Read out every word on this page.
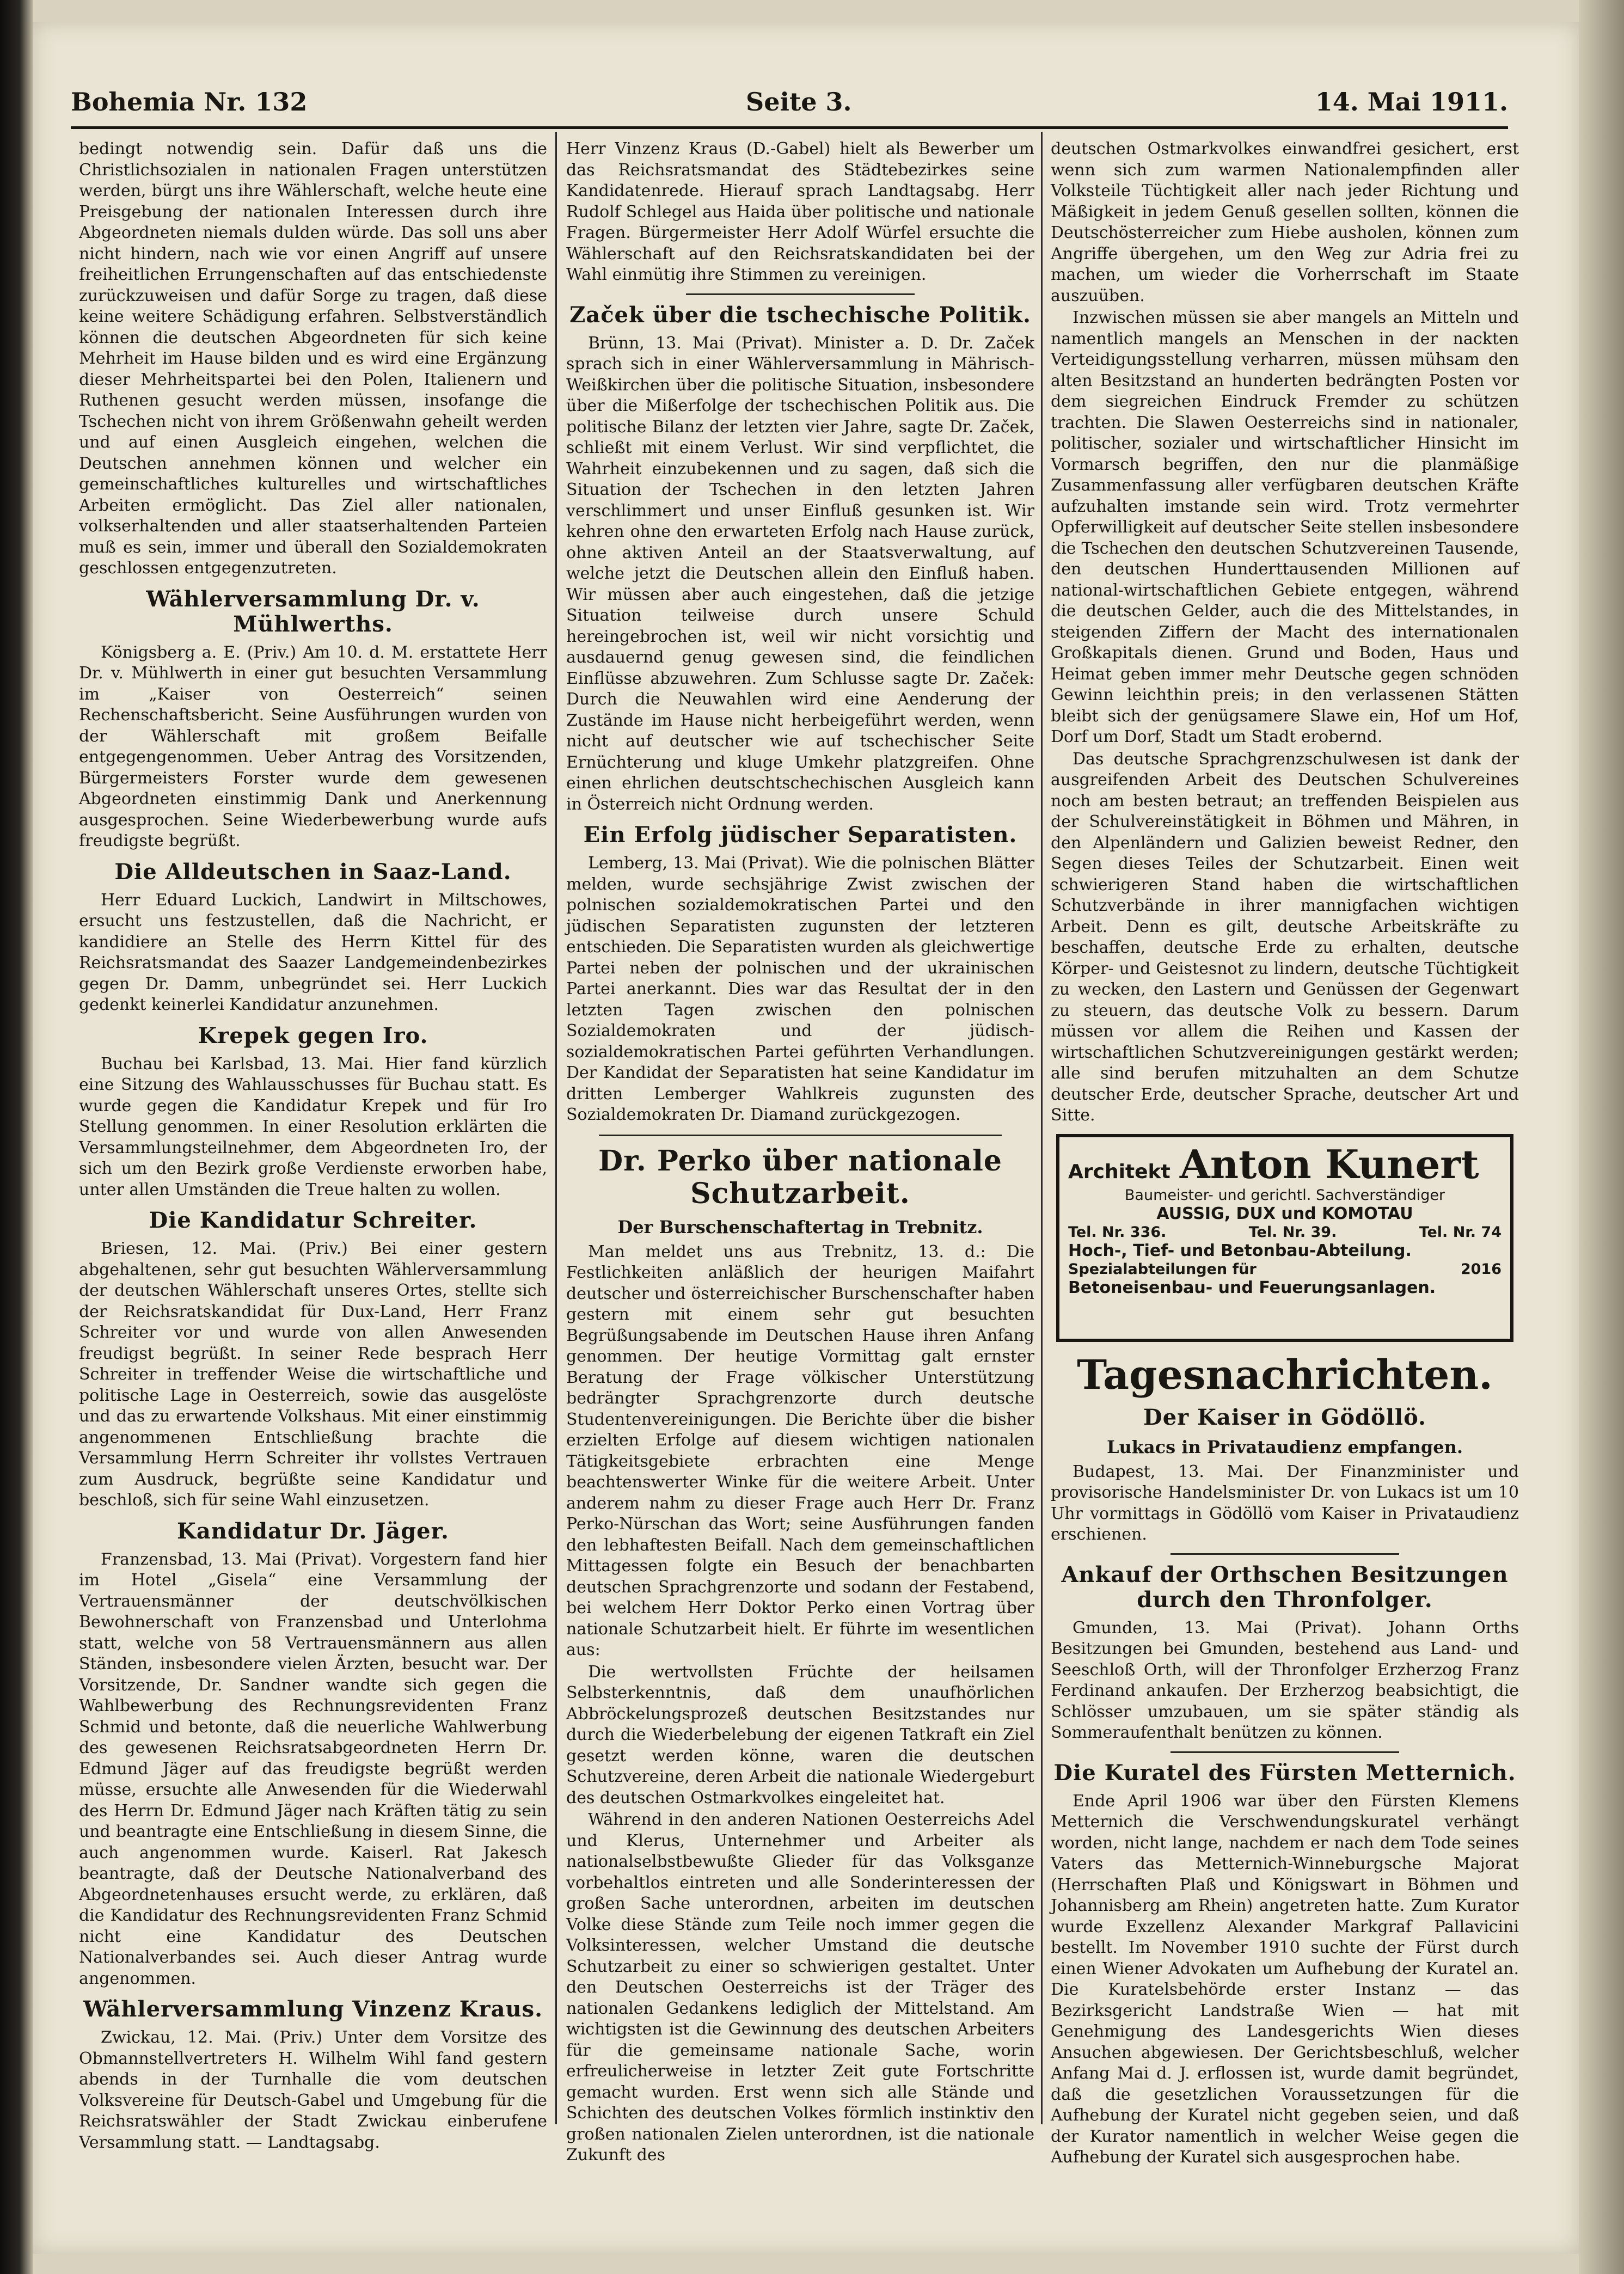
Bohemia Nr. 132	Seite 3.	14. Mai 1911.

bedingt notwendig sein. Dafür daß uns die Christlichsozialen in nationalen Fragen unterstützen werden, bürgt uns ihre Wählerschaft, welche heute eine Preisgebung der nationalen Interessen durch ihre Abgeordneten niemals dulden würde. Das soll uns aber nicht hindern, nach wie vor einen Angriff auf unsere freiheitlichen Errungenschaften auf das entschiedenste zurückzuweisen und dafür Sorge zu tragen, daß diese keine weitere Schädigung erfahren. Selbstverständlich können die deutschen Abgeordneten für sich keine Mehrheit im Hause bilden und es wird eine Ergänzung dieser Mehrheitspartei bei den Polen, Italienern und Ruthenen gesucht werden müssen, insofange die Tschechen nicht von ihrem Größenwahn geheilt werden und auf einen Ausgleich eingehen, welchen die Deutschen annehmen können und welcher ein gemeinschaftliches kulturelles und wirtschaftliches Arbeiten ermöglicht. Das Ziel aller nationalen, volkserhaltenden und aller staatserhaltenden Parteien muß es sein, immer und überall den Sozialdemokraten geschlossen entgegenzutreten.

Wählerversammlung Dr. v. Mühlwerths.

Königsberg a. E. (Priv.) Am 10. d. M. erstattete Herr Dr. v. Mühlwerth in einer gut besuchten Versammlung im „Kaiser von Oesterreich“ seinen Rechenschaftsbericht. Seine Ausführungen wurden von der Wählerschaft mit großem Beifalle entgegengenommen. Ueber Antrag des Vorsitzenden, Bürgermeisters Forster wurde dem gewesenen Abgeordneten einstimmig Dank und Anerkennung ausgesprochen. Seine Wiederbewerbung wurde aufs freudigste begrüßt.

Die Alldeutschen in Saaz-Land.

Herr Eduard Luckich, Landwirt in Miltschowes, ersucht uns festzustellen, daß die Nachricht, er kandidiere an Stelle des Herrn Kittel für des Reichsratsmandat des Saazer Landgemeindenbezirkes gegen Dr. Damm, unbegründet sei. Herr Luckich gedenkt keinerlei Kandidatur anzunehmen.

Krepek gegen Iro.

Buchau bei Karlsbad, 13. Mai. Hier fand kürzlich eine Sitzung des Wahlausschusses für Buchau statt. Es wurde gegen die Kandidatur Krepek und für Iro Stellung genommen. In einer Resolution erklärten die Versammlungsteilnehmer, dem Abgeordneten Iro, der sich um den Bezirk große Verdienste erworben habe, unter allen Umständen die Treue halten zu wollen.

Die Kandidatur Schreiter.

Briesen, 12. Mai. (Priv.) Bei einer gestern abgehaltenen, sehr gut besuchten Wählerversammlung der deutschen Wählerschaft unseres Ortes, stellte sich der Reichsratskandidat für Dux-Land, Herr Franz Schreiter vor und wurde von allen Anwesenden freudigst begrüßt. In seiner Rede besprach Herr Schreiter in treffender Weise die wirtschaftliche und politische Lage in Oesterreich, sowie das ausgelöste und das zu erwartende Volkshaus. Mit einer einstimmig angenommenen Entschließung brachte die Versammlung Herrn Schreiter ihr vollstes Vertrauen zum Ausdruck, begrüßte seine Kandidatur und beschloß, sich für seine Wahl einzusetzen.

Kandidatur Dr. Jäger.

Franzensbad, 13. Mai (Privat). Vorgestern fand hier im Hotel „Gisela“ eine Versammlung der Vertrauensmänner der deutschvölkischen Bewohnerschaft von Franzensbad und Unterlohma statt, welche von 58 Vertrauensmännern aus allen Ständen, insbesondere vielen Ärzten, besucht war. Der Vorsitzende, Dr. Sandner wandte sich gegen die Wahlbewerbung des Rechnungsrevidenten Franz Schmid und betonte, daß die neuerliche Wahlwerbung des gewesenen Reichsratsabgeordneten Herrn Dr. Edmund Jäger auf das freudigste begrüßt werden müsse, ersuchte alle Anwesenden für die Wiederwahl des Herrn Dr. Edmund Jäger nach Kräften tätig zu sein und beantragte eine Entschließung in diesem Sinne, die auch angenommen wurde. Kaiserl. Rat Jakesch beantragte, daß der Deutsche Nationalverband des Abgeordnetenhauses ersucht werde, zu erklären, daß die Kandidatur des Rechnungsrevidenten Franz Schmid nicht eine Kandidatur des Deutschen Nationalverbandes sei. Auch dieser Antrag wurde angenommen.

Wählerversammlung Vinzenz Kraus.

Zwickau, 12. Mai. (Priv.) Unter dem Vorsitze des Obmannstellvertreters H. Wilhelm Wihl fand gestern abends in der Turnhalle die vom deutschen Volksvereine für Deutsch-Gabel und Umgebung für die Reichsratswähler der Stadt Zwickau einberufene Versammlung statt. — Landtagsabg.

Herr Vinzenz Kraus (D.-Gabel) hielt als Bewerber um das Reichsratsmandat des Städtebezirkes seine Kandidatenrede. Hierauf sprach Landtagsabg. Herr Rudolf Schlegel aus Haida über politische und nationale Fragen. Bürgermeister Herr Adolf Würfel ersuchte die Wählerschaft auf den Reichsratskandidaten bei der Wahl einmütig ihre Stimmen zu vereinigen.

Začek über die tschechische Politik.

Brünn, 13. Mai (Privat). Minister a. D. Dr. Začek sprach sich in einer Wählerversammlung in Mährisch-Weißkirchen über die politische Situation, insbesondere über die Mißerfolge der tschechischen Politik aus. Die politische Bilanz der letzten vier Jahre, sagte Dr. Začek, schließt mit einem Verlust. Wir sind verpflichtet, die Wahrheit einzubekennen und zu sagen, daß sich die Situation der Tschechen in den letzten Jahren verschlimmert und unser Einfluß gesunken ist. Wir kehren ohne den erwarteten Erfolg nach Hause zurück, ohne aktiven Anteil an der Staatsverwaltung, auf welche jetzt die Deutschen allein den Einfluß haben. Wir müssen aber auch eingestehen, daß die jetzige Situation teilweise durch unsere Schuld hereingebrochen ist, weil wir nicht vorsichtig und ausdauernd genug gewesen sind, die feindlichen Einflüsse abzuwehren. Zum Schlusse sagte Dr. Začek: Durch die Neuwahlen wird eine Aenderung der Zustände im Hause nicht herbeigeführt werden, wenn nicht auf deutscher wie auf tschechischer Seite Ernüchterung und kluge Umkehr platzgreifen. Ohne einen ehrlichen deutschtschechischen Ausgleich kann in Österreich nicht Ordnung werden.

Ein Erfolg jüdischer Separatisten.

Lemberg, 13. Mai (Privat). Wie die polnischen Blätter melden, wurde sechsjährige Zwist zwischen der polnischen sozialdemokratischen Partei und den jüdischen Separatisten zugunsten der letzteren entschieden. Die Separatisten wurden als gleichwertige Partei neben der polnischen und der ukrainischen Partei anerkannt. Dies war das Resultat der in den letzten Tagen zwischen den polnischen Sozialdemokraten und der jüdisch-sozialdemokratischen Partei geführten Verhandlungen. Der Kandidat der Separatisten hat seine Kandidatur im dritten Lemberger Wahlkreis zugunsten des Sozialdemokraten Dr. Diamand zurückgezogen.

Dr. Perko über nationale Schutzarbeit.
Der Burschenschaftertag in Trebnitz.

Man meldet uns aus Trebnitz, 13. d.: Die Festlichkeiten anläßlich der heurigen Maifahrt deutscher und österreichischer Burschenschafter haben gestern mit einem sehr gut besuchten Begrüßungsabende im Deutschen Hause ihren Anfang genommen. Der heutige Vormittag galt ernster Beratung der Frage völkischer Unterstützung bedrängter Sprachgrenzorte durch deutsche Studentenvereinigungen. Die Berichte über die bisher erzielten Erfolge auf diesem wichtigen nationalen Tätigkeitsgebiete erbrachten eine Menge beachtenswerter Winke für die weitere Arbeit. Unter anderem nahm zu dieser Frage auch Herr Dr. Franz Perko-Nürschan das Wort; seine Ausführungen fanden den lebhaftesten Beifall. Nach dem gemeinschaftlichen Mittagessen folgte ein Besuch der benachbarten deutschen Sprachgrenzorte und sodann der Festabend, bei welchem Herr Doktor Perko einen Vortrag über nationale Schutzarbeit hielt. Er führte im wesentlichen aus:

Die wertvollsten Früchte der heilsamen Selbsterkenntnis, daß dem unaufhörlichen Abbröckelungsprozeß deutschen Besitzstandes nur durch die Wiederbelebung der eigenen Tatkraft ein Ziel gesetzt werden könne, waren die deutschen Schutzvereine, deren Arbeit die nationale Wiedergeburt des deutschen Ostmarkvolkes eingeleitet hat.

Während in den anderen Nationen Oesterreichs Adel und Klerus, Unternehmer und Arbeiter als nationalselbstbewußte Glieder für das Volksganze vorbehaltlos eintreten und alle Sonderinteressen der großen Sache unterordnen, arbeiten im deutschen Volke diese Stände zum Teile noch immer gegen die Volksinteressen, welcher Umstand die deutsche Schutzarbeit zu einer so schwierigen gestaltet. Unter den Deutschen Oesterreichs ist der Träger des nationalen Gedankens lediglich der Mittelstand. Am wichtigsten ist die Gewinnung des deutschen Arbeiters für die gemeinsame nationale Sache, worin erfreulicherweise in letzter Zeit gute Fortschritte gemacht wurden. Erst wenn sich alle Stände und Schichten des deutschen Volkes förmlich instinktiv den großen nationalen Zielen unterordnen, ist die nationale Zukunft des

deutschen Ostmarkvolkes einwandfrei gesichert, erst wenn sich zum warmen Nationalempfinden aller Volksteile Tüchtigkeit aller nach jeder Richtung und Mäßigkeit in jedem Genuß gesellen sollten, können die Deutschösterreicher zum Hiebe ausholen, können zum Angriffe übergehen, um den Weg zur Adria frei zu machen, um wieder die Vorherrschaft im Staate auszuüben.

Inzwischen müssen sie aber mangels an Mitteln und namentlich mangels an Menschen in der nackten Verteidigungsstellung verharren, müssen mühsam den alten Besitzstand an hunderten bedrängten Posten vor dem siegreichen Eindruck Fremder zu schützen trachten. Die Slawen Oesterreichs sind in nationaler, politischer, sozialer und wirtschaftlicher Hinsicht im Vormarsch begriffen, den nur die planmäßige Zusammenfassung aller verfügbaren deutschen Kräfte aufzuhalten imstande sein wird. Trotz vermehrter Opferwilligkeit auf deutscher Seite stellen insbesondere die Tschechen den deutschen Schutzvereinen Tausende, den deutschen Hunderttausenden Millionen auf national-wirtschaftlichen Gebiete entgegen, während die deutschen Gelder, auch die des Mittelstandes, in steigenden Ziffern der Macht des internationalen Großkapitals dienen. Grund und Boden, Haus und Heimat geben immer mehr Deutsche gegen schnöden Gewinn leichthin preis; in den verlassenen Stätten bleibt sich der genügsamere Slawe ein, Hof um Hof, Dorf um Dorf, Stadt um Stadt erobernd.

Das deutsche Sprachgrenzschulwesen ist dank der ausgreifenden Arbeit des Deutschen Schulvereines noch am besten betraut; an treffenden Beispielen aus der Schulvereinstätigkeit in Böhmen und Mähren, in den Alpenländern und Galizien beweist Redner, den Segen dieses Teiles der Schutzarbeit. Einen weit schwierigeren Stand haben die wirtschaftlichen Schutzverbände in ihrer mannigfachen wichtigen Arbeit. Denn es gilt, deutsche Arbeitskräfte zu beschaffen, deutsche Erde zu erhalten, deutsche Körper- und Geistesnot zu lindern, deutsche Tüchtigkeit zu wecken, den Lastern und Genüssen der Gegenwart zu steuern, das deutsche Volk zu bessern. Darum müssen vor allem die Reihen und Kassen der wirtschaftlichen Schutzvereinigungen gestärkt werden; alle sind berufen mitzuhalten an dem Schutze deutscher Erde, deutscher Sprache, deutscher Art und Sitte.

Architekt Anton Kunert
Baumeister- und gerichtl. Sachverständiger
AUSSIG, DUX und KOMOTAU
Tel. Nr. 336.	Tel. Nr. 39.	Tel. Nr. 74
Hoch-, Tief- und Betonbau-Abteilung.
Spezialabteilungen für	2016
Betoneisenbau- und Feuerungsanlagen.
Tagesnachrichten.
Der Kaiser in Gödöllö.
Lukacs in Privataudienz empfangen.

Budapest, 13. Mai. Der Finanzminister und provisorische Handelsminister Dr. von Lukacs ist um 10 Uhr vormittags in Gödöllö vom Kaiser in Privataudienz erschienen.

Ankauf der Orthschen Besitzungen durch den Thronfolger.

Gmunden, 13. Mai (Privat). Johann Orths Besitzungen bei Gmunden, bestehend aus Land- und Seeschloß Orth, will der Thronfolger Erzherzog Franz Ferdinand ankaufen. Der Erzherzog beabsichtigt, die Schlösser umzubauen, um sie später ständig als Sommeraufenthalt benützen zu können.

Die Kuratel des Fürsten Metternich.

Ende April 1906 war über den Fürsten Klemens Metternich die Verschwendungskuratel verhängt worden, nicht lange, nachdem er nach dem Tode seines Vaters das Metternich-Winneburgsche Majorat (Herrschaften Plaß und Königswart in Böhmen und Johannisberg am Rhein) angetreten hatte. Zum Kurator wurde Exzellenz Alexander Markgraf Pallavicini bestellt. Im November 1910 suchte der Fürst durch einen Wiener Advokaten um Aufhebung der Kuratel an. Die Kuratelsbehörde erster Instanz — das Bezirksgericht Landstraße Wien — hat mit Genehmigung des Landesgerichts Wien dieses Ansuchen abgewiesen. Der Gerichtsbeschluß, welcher Anfang Mai d. J. erflossen ist, wurde damit begründet, daß die gesetzlichen Voraussetzungen für die Aufhebung der Kuratel nicht gegeben seien, und daß der Kurator namentlich in welcher Weise gegen die Aufhebung der Kuratel sich ausgesprochen habe.
